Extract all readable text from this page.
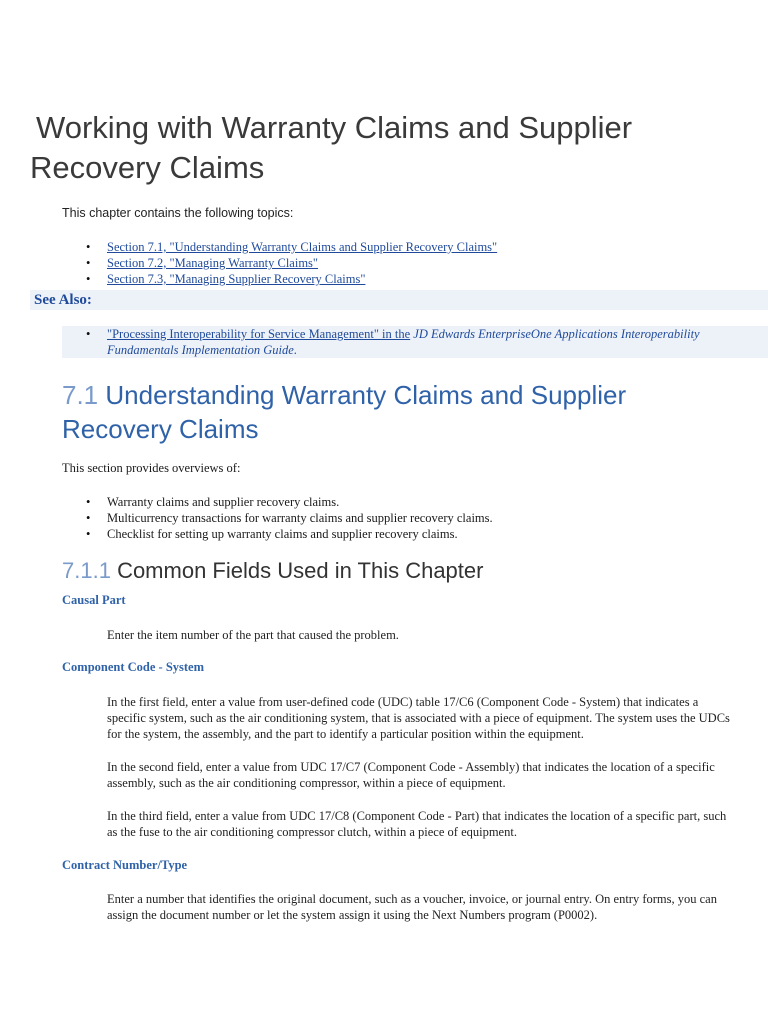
Working with Warranty Claims and Supplier
Recovery Claims
This chapter contains the following topics:
• Section 7.1, "Understanding Warranty Claims and Supplier Recovery Claims"
• Section 7.2, "Managing Warranty Claims"
• Section 7.3, "Managing Supplier Recovery Claims"
See Also:
• "Processing Interoperability for Service Management" in the JD Edwards EnterpriseOne Applications Interoperability
Fundamentals Implementation Guide.
7.1 Understanding Warranty Claims and Supplier
Recovery Claims
This section provides overviews of:
• Warranty claims and supplier recovery claims.
• Multicurrency transactions for warranty claims and supplier recovery claims.
• Checklist for setting up warranty claims and supplier recovery claims.
7.1.1 Common Fields Used in This Chapter
Causal Part

Enter the item number of the part that caused the problem.

Component Code - System

In the first field, enter a value from user-defined code (UDC) table 17/C6 (Component Code - System) that indicates a
specific system, such as the air conditioning system, that is associated with a piece of equipment. The system uses the UDCs
for the system, the assembly, and the part to identify a particular position within the equipment.

In the second field, enter a value from UDC 17/C7 (Component Code - Assembly) that indicates the location of a specific
assembly, such as the air conditioning compressor, within a piece of equipment.

In the third field, enter a value from UDC 17/C8 (Component Code - Part) that indicates the location of a specific part, such
as the fuse to the air conditioning compressor clutch, within a piece of equipment.

Contract Number/Type

Enter a number that identifies the original document, such as a voucher, invoice, or journal entry. On entry forms, you can
assign the document number or let the system assign it using the Next Numbers program (P0002).
